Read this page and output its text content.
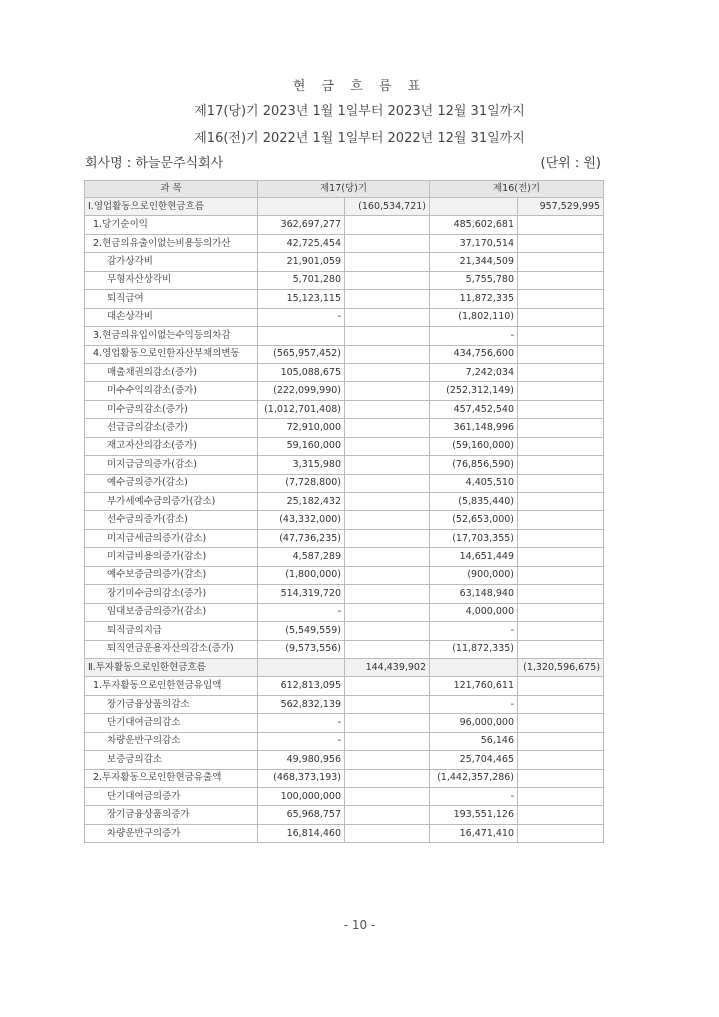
현 금 흐 름 표
제17(당)기 2023년 1월 1일부터 2023년 12월 31일까지
제16(전)기 2022년 1월 1일부터 2022년 12월 31일까지
회사명 : 하늘문주식회사	(단위 : 원)
과 목	제17(당)기		제16(전)기	
Ⅰ.영업활동으로인한현금흐름		(160,534,721)		957,529,995
1.당기순이익	362,697,277		485,602,681	
2.현금의유출이없는비용등의가산	42,725,454		37,170,514	
감가상각비	21,901,059		21,344,509	
무형자산상각비	5,701,280		5,755,780	
퇴직급여	15,123,115		11,872,335	
대손상각비	-		(1,802,110)	
3.현금의유입이없는수익등의차감			-	
4.영업활동으로인한자산부채의변동	(565,957,452)		434,756,600	
매출채권의감소(증가)	105,088,675		7,242,034	
미수수익의감소(증가)	(222,099,990)		(252,312,149)	
미수금의감소(증가)	(1,012,701,408)		457,452,540	
선급금의감소(증가)	72,910,000		361,148,996	
재고자산의감소(증가)	59,160,000		(59,160,000)	
미지급금의증가(감소)	3,315,980		(76,856,590)	
예수금의증가(감소)	(7,728,800)		4,405,510	
부가세예수금의증가(감소)	25,182,432		(5,835,440)	
선수금의증가(감소)	(43,332,000)		(52,653,000)	
미지급세금의증가(감소)	(47,736,235)		(17,703,355)	
미지급비용의증가(감소)	4,587,289		14,651,449	
예수보증금의증가(감소)	(1,800,000)		(900,000)	
장기미수금의감소(증가)	514,319,720		63,148,940	
임대보증금의증가(감소)	-		4,000,000	
퇴직금의지급	(5,549,559)		-	
퇴직연금운용자산의감소(증가)	(9,573,556)		(11,872,335)	
Ⅱ.투자활동으로인한현금흐름		144,439,902		(1,320,596,675)
1.투자활동으로인한현금유입액	612,813,095		121,760,611	
장기금융상품의감소	562,832,139		-	
단기대여금의감소	-		96,000,000	
차량운반구의감소	-		56,146	
보증금의감소	49,980,956		25,704,465	
2.투자활동으로인한현금유출액	(468,373,193)		(1,442,357,286)	
단기대여금의증가	100,000,000		-	
장기금융상품의증가	65,968,757		193,551,126	
차량운반구의증가	16,814,460		16,471,410	
- 10 -
